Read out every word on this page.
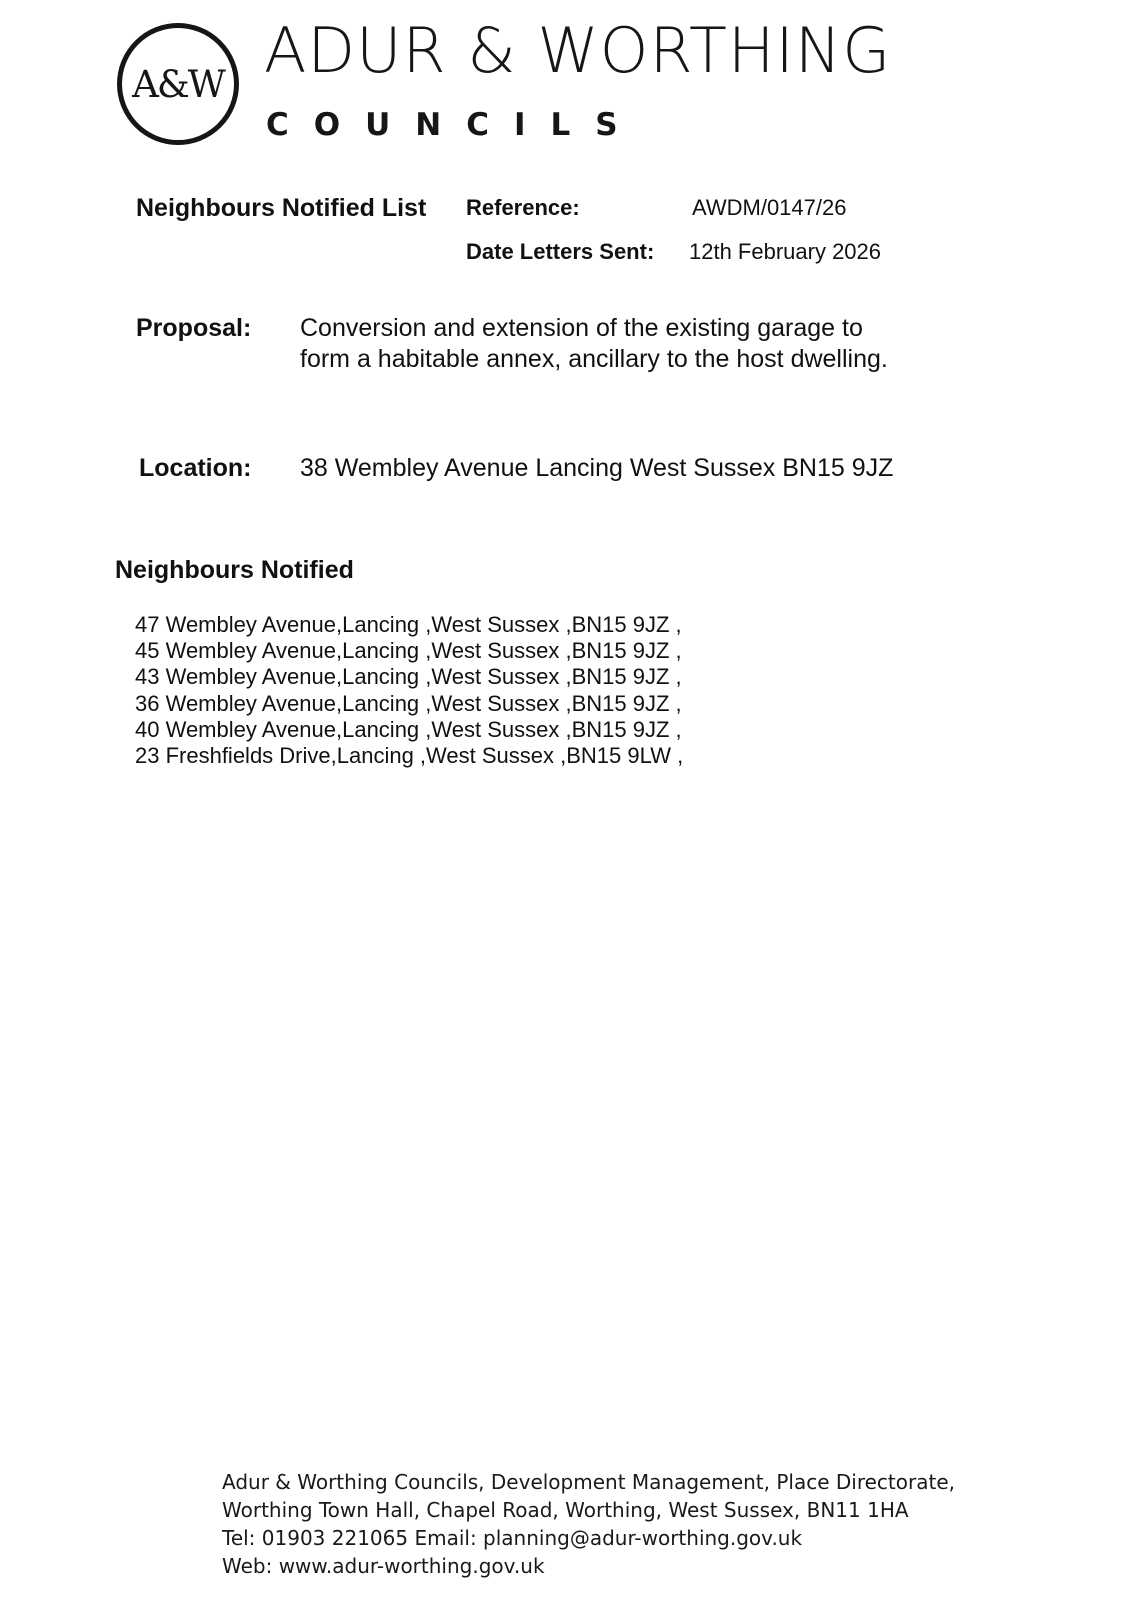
A&W ADUR & WORTHING
COUNCILS
Neighbours Notified List Reference:	AWDM/0147/26
Date Letters Sent: 12th February 2026
Proposal: Conversion and extension of the existing garage to
form a habitable annex, ancillary to the host dwelling.
Location: 38 Wembley Avenue Lancing West Sussex BN15 9JZ
Neighbours Notified
47 Wembley Avenue,Lancing ,West Sussex ,BN15 9JZ ,
45 Wembley Avenue,Lancing ,West Sussex ,BN15 9JZ ,
43 Wembley Avenue,Lancing ,West Sussex ,BN15 9JZ ,
36 Wembley Avenue,Lancing ,West Sussex ,BN15 9JZ ,
40 Wembley Avenue,Lancing ,West Sussex ,BN15 9JZ ,
23 Freshfields Drive,Lancing ,West Sussex ,BN15 9LW ,
Adur & Worthing Councils, Development Management, Place Directorate,
Worthing Town Hall, Chapel Road, Worthing, West Sussex, BN11 1HA
Tel: 01903 221065 Email: planning@adur-worthing.gov.uk
Web: www.adur-worthing.gov.uk
